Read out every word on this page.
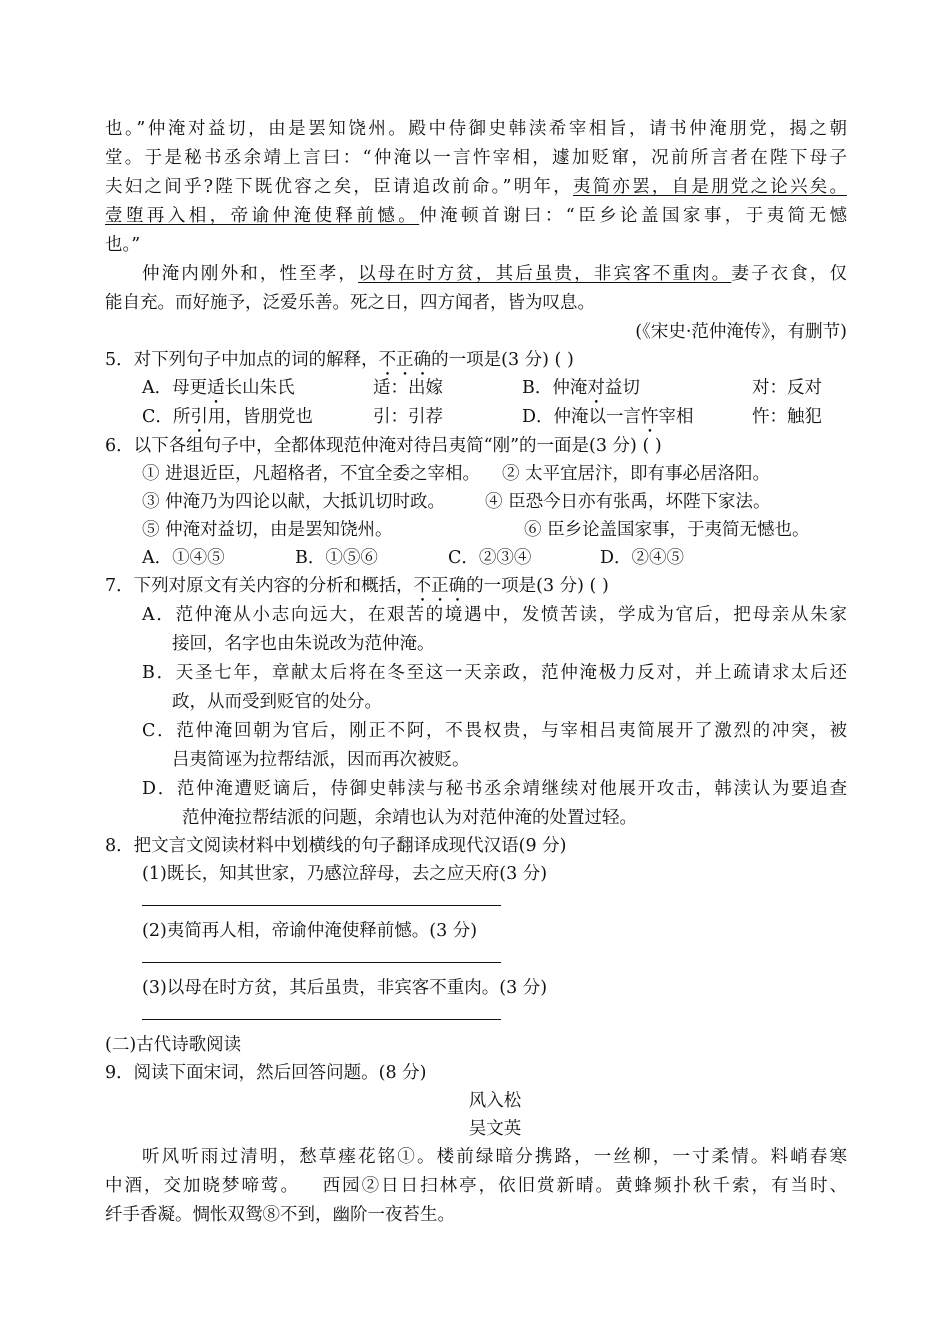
也。”仲淹对益切，由是罢知饶州。殿中侍御史韩渎希宰相旨，请书仲淹朋党，揭之朝
堂。于是秘书丞余靖上言曰：“仲淹以一言忤宰相，遽加贬窜，况前所言者在陛下母子
夫妇之间乎?陛下既优容之矣，臣请追改前命。”明年，夷简亦罢，自是朋党之论兴矣。
壹堕再入相，帝谕仲淹使释前憾。仲淹顿首谢曰：“臣乡论盖国家事，于夷简无憾
也。”
仲淹内刚外和，性至孝，以母在时方贫，其后虽贵，非宾客不重肉。妻子衣食，仅
能自充。而好施予，泛爱乐善。死之日，四方闻者，皆为叹息。
(《宋史·范仲淹传》，有删节)
5．对下列句子中加点的词的解释，不正确的一项是(3 分) ( )
A．母更适长山朱氏	适：出嫁	B．仲淹对益切	对：反对
C．所引用，皆朋党也	引：引荐	D．仲淹以一言忤宰相	忤：触犯
6．以下各组句子中，全都体现范仲淹对待吕夷简“刚”的一面是(3 分) ( )
① 进退近臣，凡超格者，不宜全委之宰相。 ② 太平宜居汴，即有事必居洛阳。
③ 仲淹乃为四论以献，大抵讥切时政。 ④ 臣恐今日亦有张禹，坏陛下家法。
⑤ 仲淹对益切，由是罢知饶州。	⑥ 臣乡论盖国家事，于夷简无憾也。
A．①④⑤	B．①⑤⑥	C．②③④	D．②④⑤
7．下列对原文有关内容的分析和概括，不正确的一项是(3 分) ( )
A．范仲淹从小志向远大，在艰苦的境遇中，发愤苦读，学成为官后，把母亲从朱家
接回，名字也由朱说改为范仲淹。
B．天圣七年，章献太后将在冬至这一天亲政，范仲淹极力反对，并上疏请求太后还
政，从而受到贬官的处分。
C．范仲淹回朝为官后，刚正不阿，不畏权贵，与宰相吕夷简展开了激烈的冲突，被
吕夷简诬为拉帮结派，因而再次被贬。
D．范仲淹遭贬谪后，侍御史韩渎与秘书丞余靖继续对他展开攻击，韩渎认为要追查
范仲淹拉帮结派的问题，余靖也认为对范仲淹的处置过轻。
8．把文言文阅读材料中划横线的句子翻译成现代汉语(9 分)
(1)既长，知其世家，乃感泣辞母，去之应天府(3 分)
(2)夷简再人相，帝谕仲淹使释前憾。(3 分)
(3)以母在时方贫，其后虽贵，非宾客不重肉。(3 分)
(二)古代诗歌阅读
9．阅读下面宋词，然后回答问题。(8 分)
风入松
吴文英
听风听雨过清明，愁草瘗花铭①。楼前绿暗分携路，一丝柳，一寸柔情。料峭春寒
中酒，交加晓梦啼莺。   西园②日日扫林亭，依旧赏新晴。黄蜂频扑秋千索，有当时、
纤手香凝。惆怅双鸳⑧不到，幽阶一夜苔生。
